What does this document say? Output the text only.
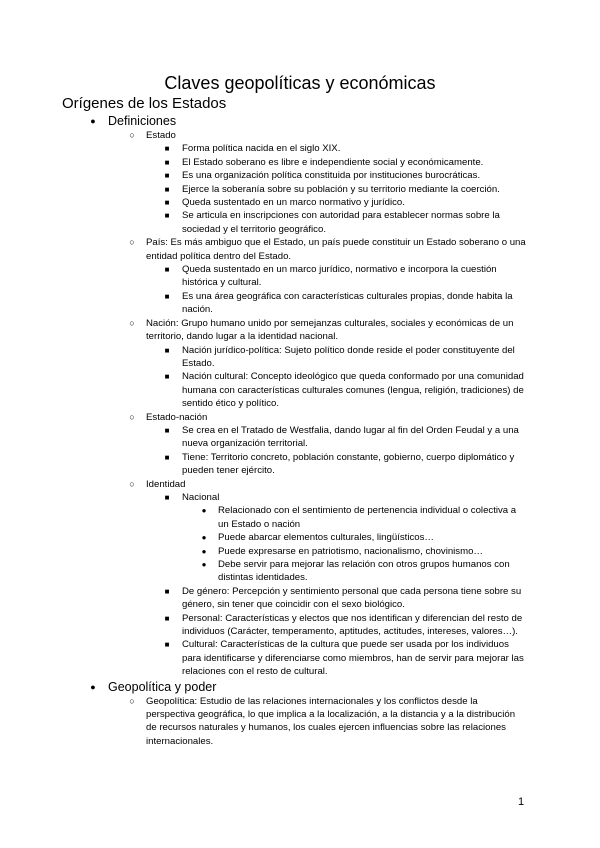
Claves geopolíticas y económicas
Orígenes de los Estados
● Definiciones
○ Estado
■ Forma política nacida en el siglo XIX.
■ El Estado soberano es libre e independiente social y económicamente.
■ Es una organización política constituida por instituciones burocráticas.
■ Ejerce la soberanía sobre su población y su territorio mediante la coerción.
■ Queda sustentado en un marco normativo y jurídico.
■ Se articula en inscripciones con autoridad para establecer normas sobre la sociedad y el territorio geográfico.
○ País: Es más ambiguo que el Estado, un país puede constituir un Estado soberano o una entidad política dentro del Estado.
■ Queda sustentado en un marco jurídico, normativo e incorpora la cuestión histórica y cultural.
■ Es una área geográfica con características culturales propias, donde habita la nación.
○ Nación: Grupo humano unido por semejanzas culturales, sociales y económicas de un territorio, dando lugar a la identidad nacional.
■ Nación jurídico-política: Sujeto político donde reside el poder constituyente del Estado.
■ Nación cultural: Concepto ideológico que queda conformado por una comunidad humana con características culturales comunes (lengua, religión, tradiciones) de sentido ético y político.
○ Estado-nación
■ Se crea en el Tratado de Westfalia, dando lugar al fin del Orden Feudal y a una nueva organización territorial.
■ Tiene: Territorio concreto, población constante, gobierno, cuerpo diplomático y pueden tener ejército.
○ Identidad
■ Nacional
● Relacionado con el sentimiento de pertenencia individual o colectiva a un Estado o nación
● Puede abarcar elementos culturales, lingüísticos…
● Puede expresarse en patriotismo, nacionalismo, chovinismo…
● Debe servir para mejorar las relación con otros grupos humanos con distintas identidades.
■ De género: Percepción y sentimiento personal que cada persona tiene sobre su género, sin tener que coincidir con el sexo biológico.
■ Personal: Características y electos que nos identifican y diferencian del resto de individuos (Carácter, temperamento, aptitudes, actitudes, intereses, valores…).
■ Cultural: Características de la cultura que puede ser usada por los individuos para identificarse y diferenciarse como miembros, han de servir para mejorar las relaciones con el resto de cultural.
● Geopolítica y poder
○ Geopolítica: Estudio de las relaciones internacionales y los conflictos desde la perspectiva geográfica, lo que implica a la localización, a la distancia y a la distribución de recursos naturales y humanos, los cuales ejercen influencias sobre las relaciones internacionales.
1
